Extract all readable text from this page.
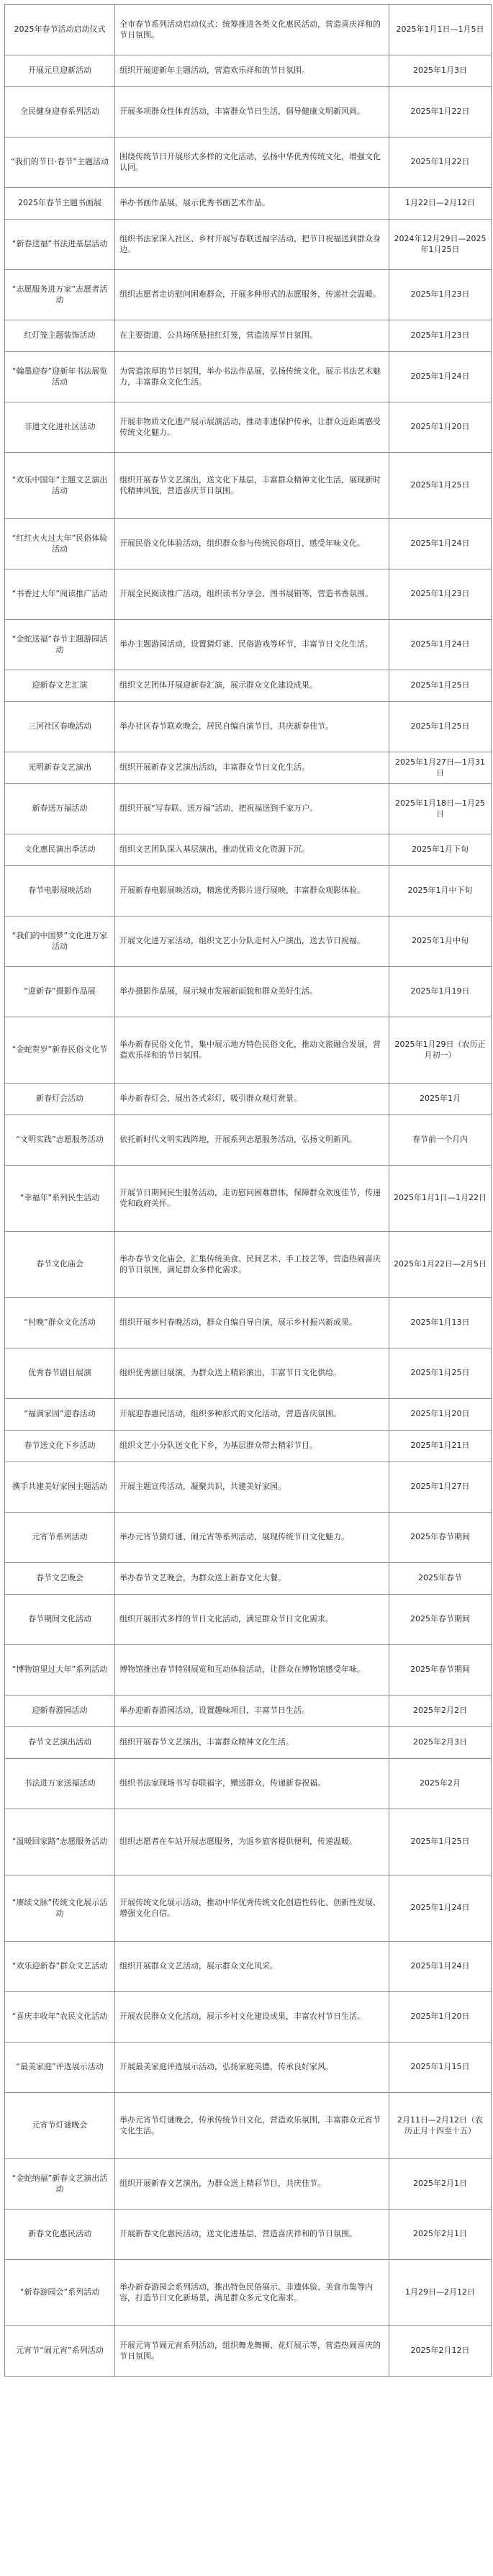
2025年春节活动启动仪式	全市春节系列活动启动仪式：统筹推进各类文化惠民活动，营造喜庆祥和的节日氛围。	2025年1月1日—1月5日
开展元旦迎新活动	组织开展迎新年主题活动，营造欢乐祥和的节日氛围。	2025年1月3日
全民健身迎春系列活动	开展多项群众性体育活动，丰富群众节日生活，倡导健康文明新风尚。	2025年1月22日
“我们的节日·春节”主题活动	围绕传统节日开展形式多样的文化活动，弘扬中华优秀传统文化，增强文化认同。	2025年1月22日
2025年春节主题书画展	举办书画作品展，展示优秀书画艺术作品。	1月22日—2月12日
“新春送福”书法进基层活动	组织书法家深入社区、乡村开展写春联送福字活动，把节日祝福送到群众身边。	2024年12月29日—2025年1月25日
“志愿服务进万家”志愿者活动	组织志愿者走访慰问困难群众，开展多种形式的志愿服务，传递社会温暖。	2025年1月23日
红灯笼主题装饰活动	在主要街道、公共场所悬挂红灯笼，营造浓厚节日氛围。	2025年1月23日
“翰墨迎春”迎新年书法展览活动	为营造浓厚的节日氛围，举办书法作品展，弘扬传统文化，展示书法艺术魅力，丰富群众文化生活。	2025年1月24日
非遗文化进社区活动	开展非物质文化遗产展示展演活动，推动非遗保护传承，让群众近距离感受传统文化魅力。	2025年1月20日
“欢乐中国年”主题文艺演出活动	组织开展春节文艺演出，送文化下基层，丰富群众精神文化生活，展现新时代精神风貌，营造喜庆节日氛围。	2025年1月25日
“红红火火过大年”民俗体验活动	开展民俗文化体验活动，组织群众参与传统民俗项目，感受年味文化。	2025年1月24日
“书香过大年”阅读推广活动	开展全民阅读推广活动，组织读书分享会、图书展销等，营造书香氛围。	2025年1月23日
“金蛇送福”春节主题游园活动	举办主题游园活动，设置猜灯谜、民俗游戏等环节，丰富节日文化生活。	2025年1月24日
迎新春文艺汇演	组织文艺团体开展迎新春汇演，展示群众文化建设成果。	2025年1月25日
三河社区春晚活动	举办社区春节联欢晚会，居民自编自演节目，共庆新春佳节。	2025年1月25日
光明新春文艺演出	组织开展新春文艺演出活动，丰富群众节日文化生活。	2025年1月27日—1月31日
新春送万福活动	组织开展“写春联、送万福”活动，把祝福送到千家万户。	2025年1月18日—1月25日
文化惠民演出季活动	组织文艺团队深入基层演出，推动优质文化资源下沉。	2025年1月下旬
春节电影展映活动	开展新春电影展映活动，精选优秀影片进行展映，丰富群众观影体验。	2025年1月中下旬
“我们的中国梦”文化进万家活动	开展文化进万家活动，组织文艺小分队走村入户演出，送去节日祝福。	2025年1月中旬
“迎新春”摄影作品展	举办摄影作品展，展示城市发展新面貌和群众美好生活。	2025年1月19日
“金蛇贺岁”新春民俗文化节	举办新春民俗文化节，集中展示地方特色民俗文化，推动文旅融合发展，营造欢乐祥和的节日氛围。	2025年1月29日（农历正月初一）
新春灯会活动	举办新春灯会，展出各式彩灯，吸引群众观灯赏景。	2025年1月
“文明实践”志愿服务活动	依托新时代文明实践阵地，开展系列志愿服务活动，弘扬文明新风。	春节前一个月内
“幸福年”系列民生活动	开展节日期间民生服务活动，走访慰问困难群体，保障群众欢度佳节，传递党和政府关怀。	2025年1月1日—1月22日
春节文化庙会	举办春节文化庙会，汇集传统美食、民间艺术、手工技艺等，营造热闹喜庆的节日氛围，满足群众多样化需求。	2025年1月22日—2月5日
“村晚”群众文化活动	组织开展乡村春晚活动，群众自编自导自演，展示乡村振兴新成果。	2025年1月13日
优秀春节剧目展演	组织优秀剧目展演，为群众送上精彩演出，丰富节日文化供给。	2025年1月25日
“福满家园”迎春活动	开展迎春惠民活动，组织多种形式的文化活动，营造喜庆氛围。	2025年1月20日
春节送文化下乡活动	组织文艺小分队送文化下乡，为基层群众带去精彩节目。	2025年1月21日
携手共建美好家园主题活动	开展主题宣传活动，凝聚共识，共建美好家园。	2025年1月27日
元宵节系列活动	举办元宵节猜灯谜、闹元宵等系列活动，展现传统节日文化魅力。	2025年春节期间
春节文艺晚会	举办春节文艺晚会，为群众送上新春文化大餐。	2025年春节
春节期间文化活动	组织开展形式多样的节日文化活动，满足群众节日文化需求。	2025年春节期间
“博物馆里过大年”系列活动	博物馆推出春节特别展览和互动体验活动，让群众在博物馆感受年味。	2025年春节期间
迎新春游园活动	举办迎新春游园活动，设置趣味项目，丰富节日生活。	2025年2月2日
春节文艺演出活动	组织开展春节文艺演出，丰富群众精神文化生活。	2025年2月3日
书法进万家送福活动	组织书法家现场书写春联福字，赠送群众，传递新春祝福。	2025年2月
“温暖回家路”志愿服务活动	组织志愿者在车站开展志愿服务，为返乡旅客提供便利，传递温暖。	2025年1月25日
“赓续文脉”传统文化展示活动	开展传统文化展示活动，推动中华优秀传统文化创造性转化、创新性发展，增强文化自信。	2025年1月24日
“欢乐迎新春”群众文艺活动	组织开展群众文艺活动，展示群众文化风采。	2025年1月24日
“喜庆丰收年”农民文化活动	开展农民群众文化活动，展示乡村文化建设成果，丰富农村节日生活。	2025年1月20日
“最美家庭”评选展示活动	开展最美家庭评选展示活动，弘扬家庭美德，传承良好家风。	2025年1月15日
元宵节灯谜晚会	举办元宵节灯谜晚会，传承传统节日文化，营造欢乐氛围，丰富群众元宵节文化生活。	2月11日—2月12日（农历正月十四至十五）
“金蛇纳福”新春文艺演出活动	组织开展新春文艺演出，为群众送上精彩节目，共庆佳节。	2025年2月1日
新春文化惠民活动	开展新春文化惠民活动，送文化进基层，营造喜庆祥和的节日氛围。	2025年2月1日
“新春游园会”系列活动	举办新春游园会系列活动，推出特色民俗展示、非遗体验、美食市集等内容，打造节日文化新场景，满足群众多元文化需求。	1月29日—2月12日
元宵节“闹元宵”系列活动	开展元宵节闹元宵系列活动，组织舞龙舞狮、花灯展示等，营造热闹喜庆的节日氛围。	2025年2月12日
